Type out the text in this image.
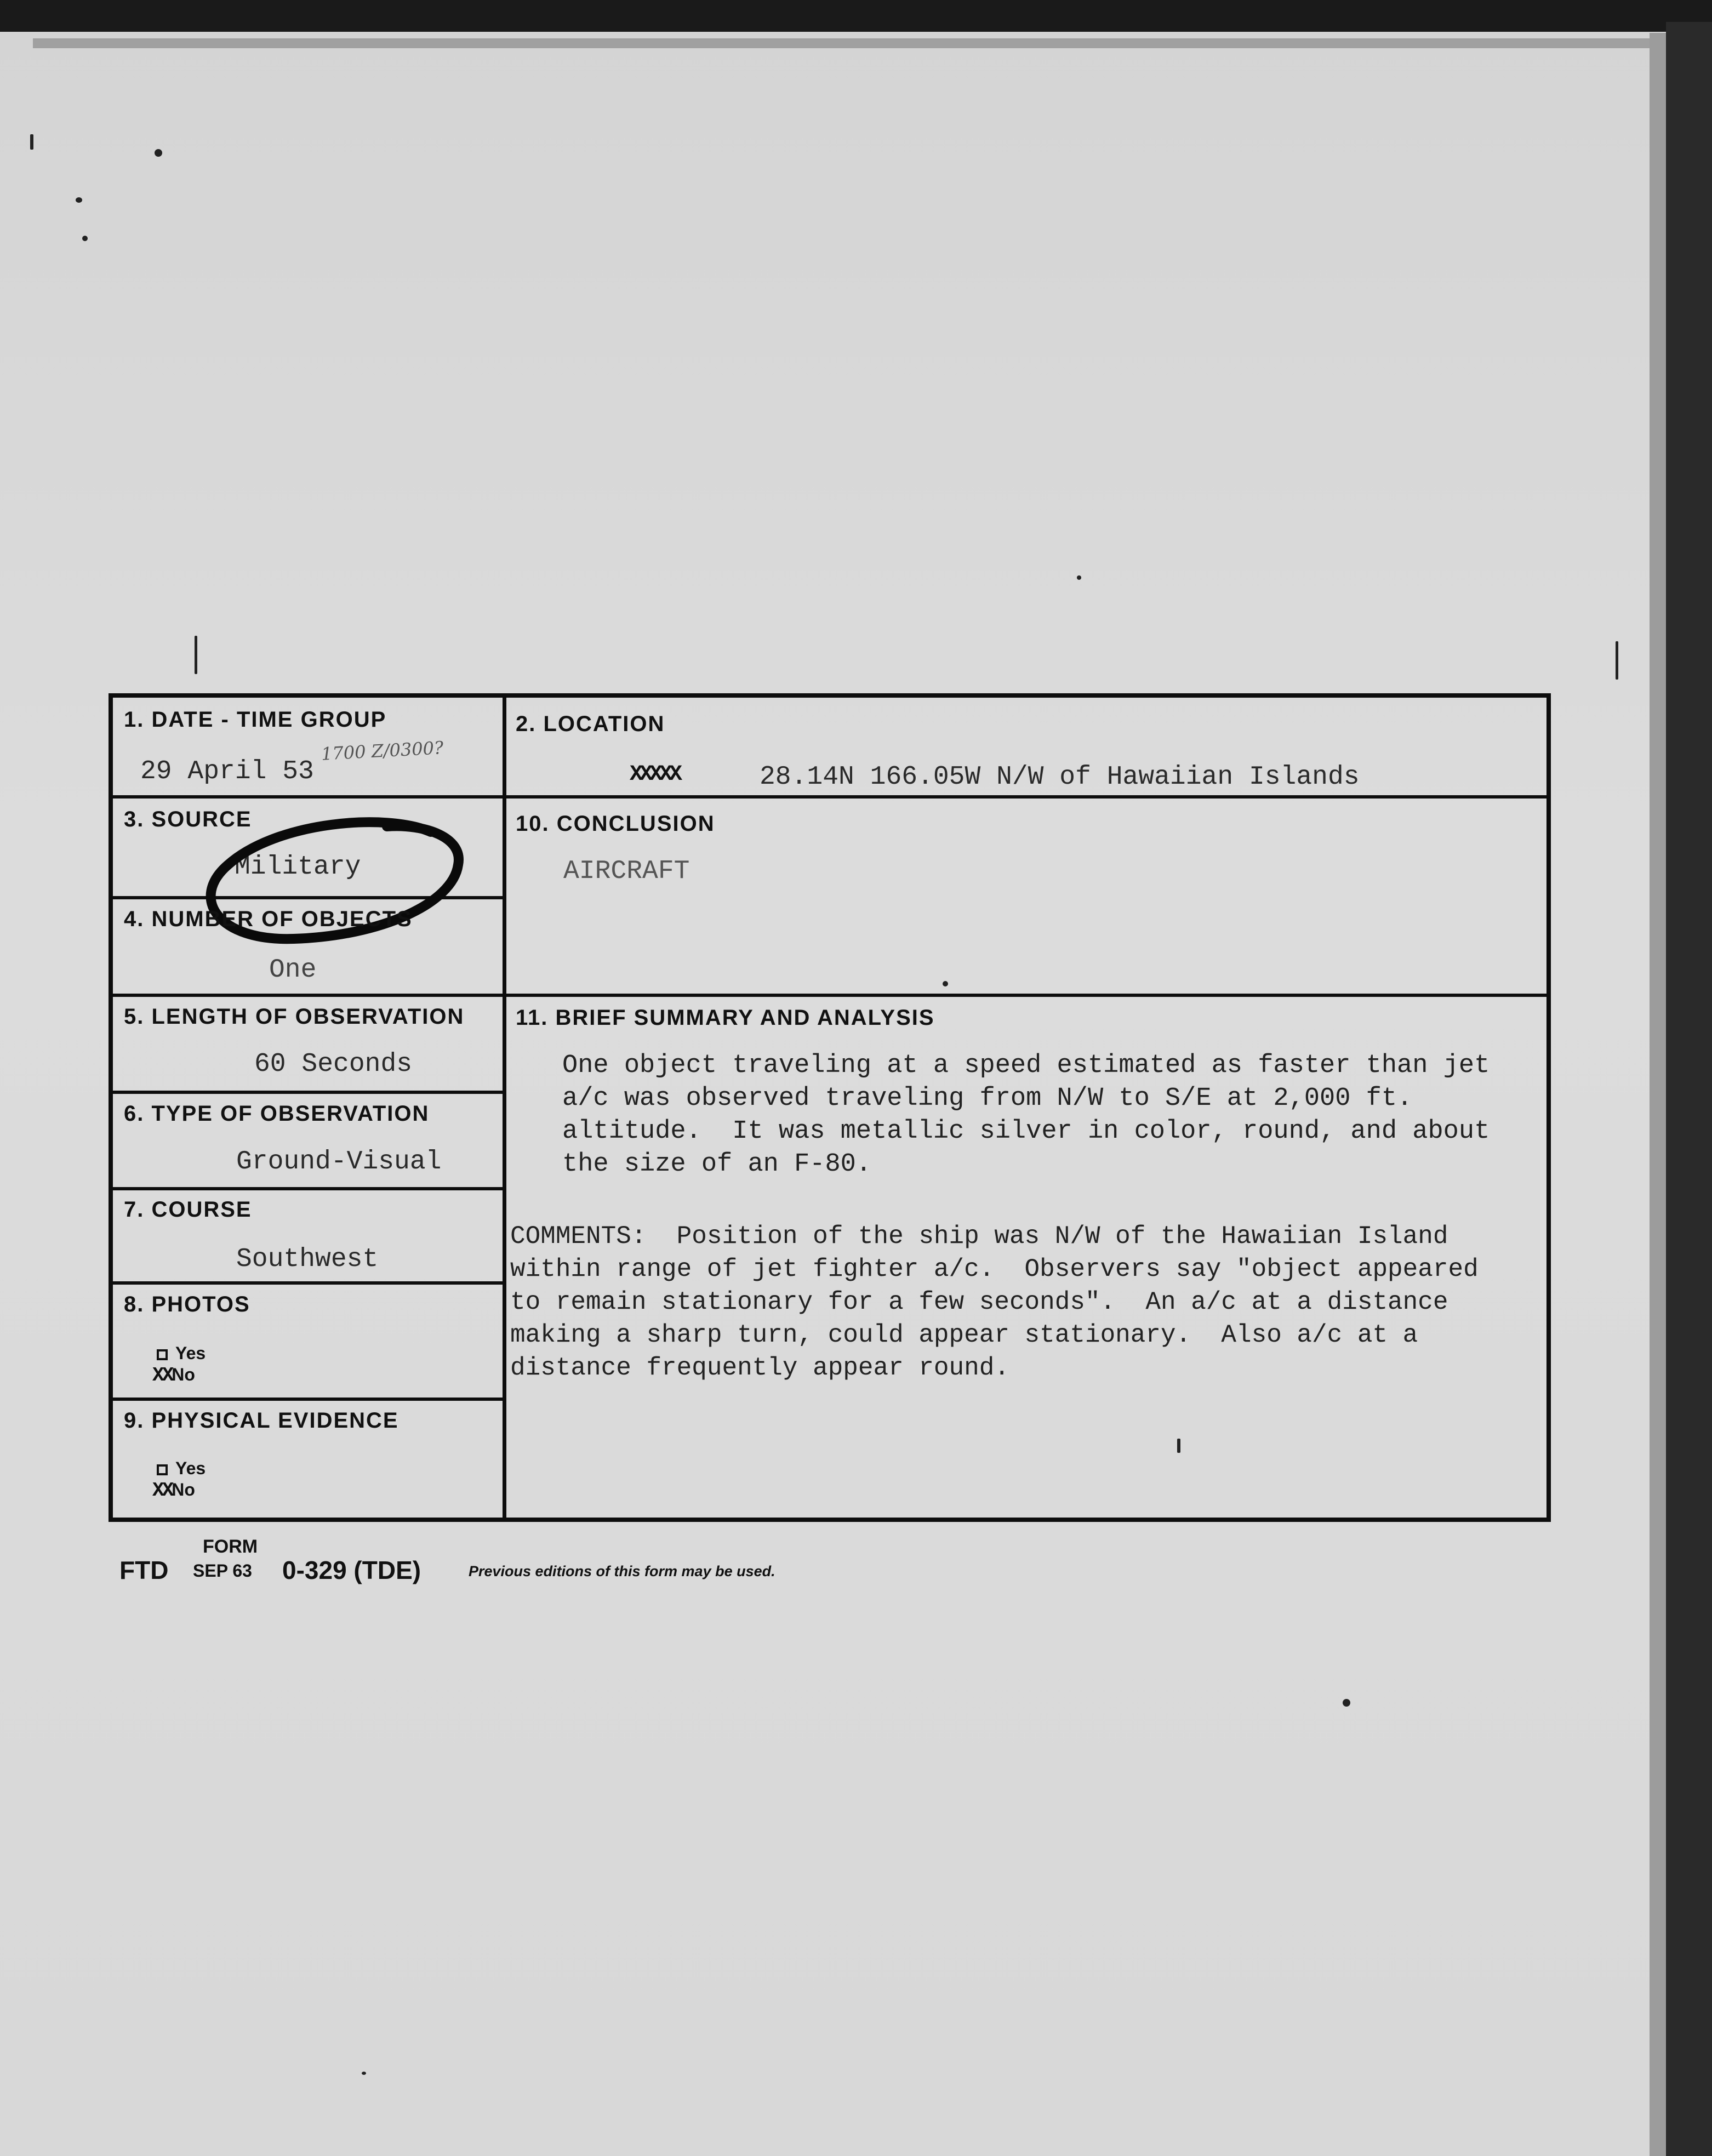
1. DATE - TIME GROUP
29 April 53
1700 Z/0300?
2. LOCATION
XXXXX	28.14N 166.05W N/W of Hawaiian Islands
3. SOURCE
Military
4. NUMBER OF OBJECTS
One
5. LENGTH OF OBSERVATION
60 Seconds
6. TYPE OF OBSERVATION
Ground-Visual
7. COURSE
Southwest
8. PHOTOS
Yes
XXNo
9. PHYSICAL EVIDENCE
Yes
XXNo
10. CONCLUSION
AIRCRAFT
11. BRIEF SUMMARY AND ANALYSIS
One object traveling at a speed estimated as faster than jet
a/c was observed traveling from N/W to S/E at 2,000 ft.
altitude.  It was metallic silver in color, round, and about
the size of an F-80.
COMMENTS:  Position of the ship was N/W of the Hawaiian Island
within range of jet fighter a/c.  Observers say "object appeared
to remain stationary for a few seconds".  An a/c at a distance
making a sharp turn, could appear stationary.  Also a/c at a
distance frequently appear round.
FORM
FTD SEP 63 0-329 (TDE)	Previous editions of this form may be used.
